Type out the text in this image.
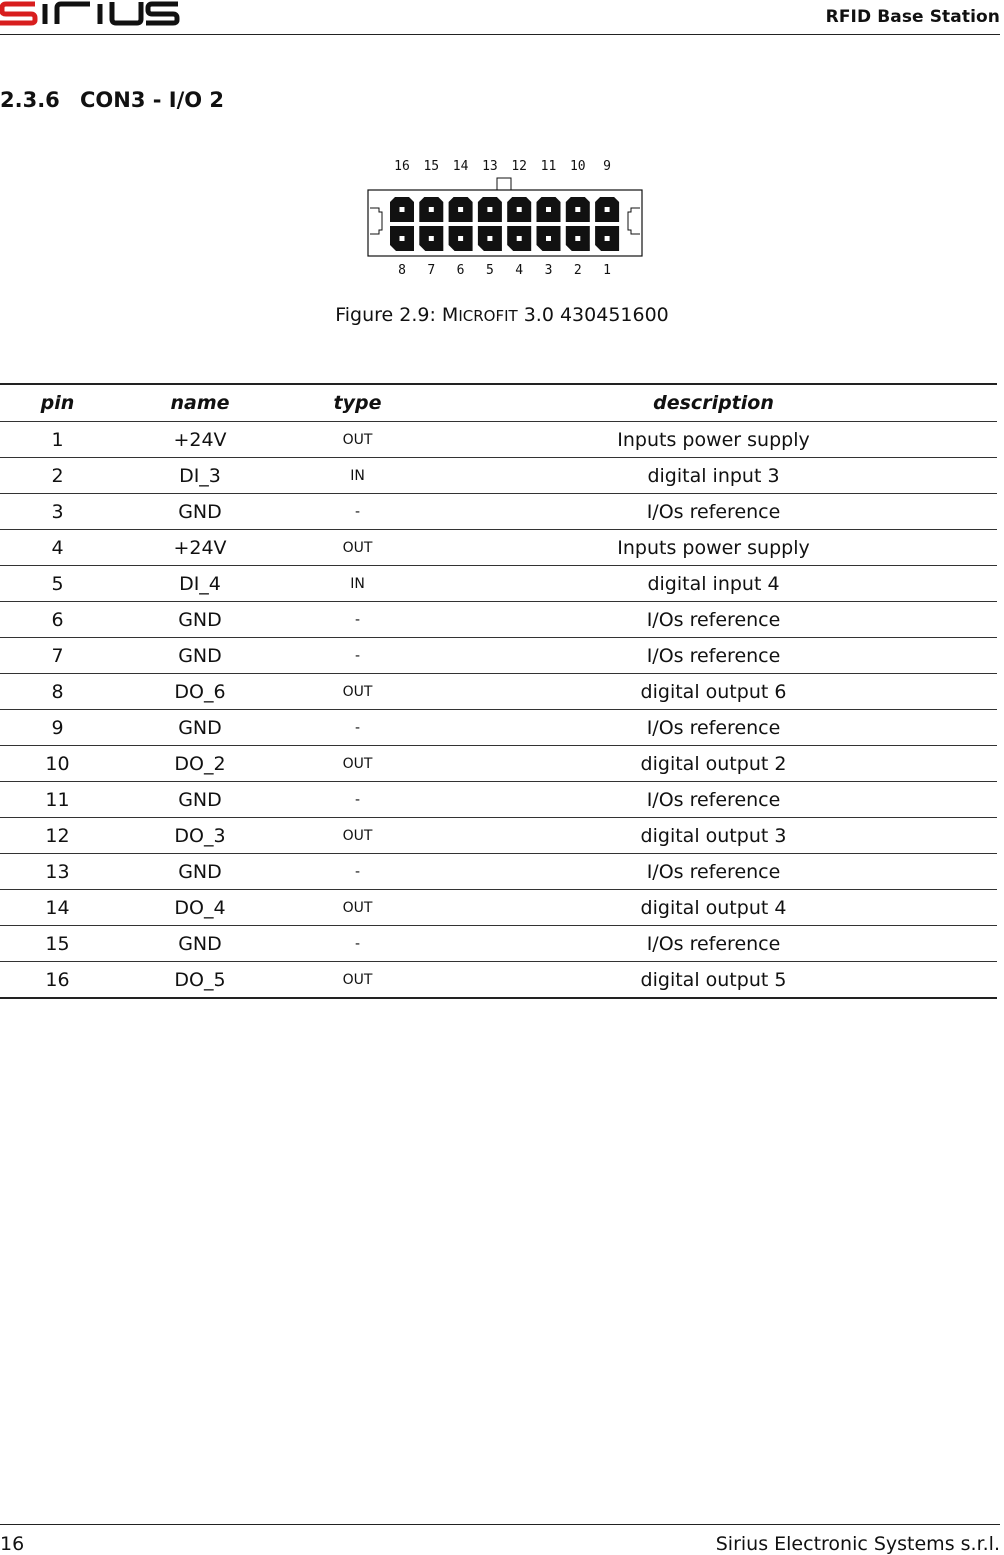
RFID Base Station
2.3.6 CON3 - I/O 2
16 15 14 13 12 11 10 9
8 7 6 5 4 3 2 1
Figure 2.9: MICROFIT 3.0 430451600
pin	name	type	description
1	+24V	OUT	Inputs power supply
2	DI_3	IN	digital input 3
3	GND	-	I/Os reference
4	+24V	OUT	Inputs power supply
5	DI_4	IN	digital input 4
6	GND	-	I/Os reference
7	GND	-	I/Os reference
8	DO_6	OUT	digital output 6
9	GND	-	I/Os reference
10	DO_2	OUT	digital output 2
11	GND	-	I/Os reference
12	DO_3	OUT	digital output 3
13	GND	-	I/Os reference
14	DO_4	OUT	digital output 4
15	GND	-	I/Os reference
16	DO_5	OUT	digital output 5
16	Sirius Electronic Systems s.r.l.
